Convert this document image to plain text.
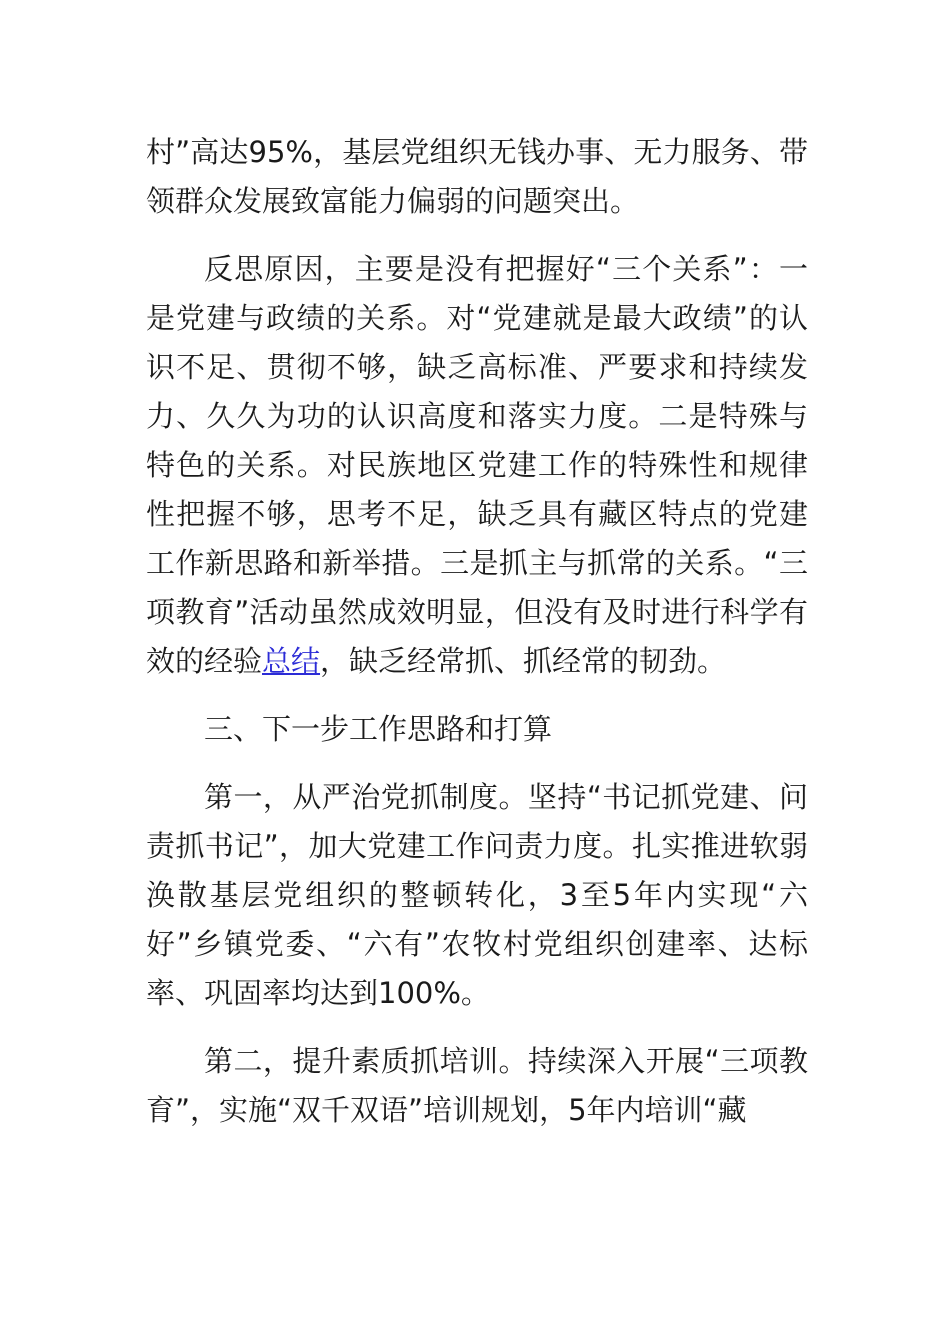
村”高达95%，基层党组织无钱办事、无力服务、带领群众发展致富能力偏弱的问题突出。

反思原因，主要是没有把握好“三个关系”：一是党建与政绩的关系。对“党建就是最大政绩”的认识不足、贯彻不够，缺乏高标准、严要求和持续发力、久久为功的认识高度和落实力度。二是特殊与特色的关系。对民族地区党建工作的特殊性和规律性把握不够，思考不足，缺乏具有藏区特点的党建工作新思路和新举措。三是抓主与抓常的关系。“三项教育”活动虽然成效明显，但没有及时进行科学有效的经验总结，缺乏经常抓、抓经常的韧劲。

三、下一步工作思路和打算

第一，从严治党抓制度。坚持“书记抓党建、问责抓书记”，加大党建工作问责力度。扎实推进软弱涣散基层党组织的整顿转化，3至5年内实现“六好”乡镇党委、“六有”农牧村党组织创建率、达标率、巩固率均达到100%。

第二，提升素质抓培训。持续深入开展“三项教育”，实施“双千双语”培训规划，5年内培训“藏
